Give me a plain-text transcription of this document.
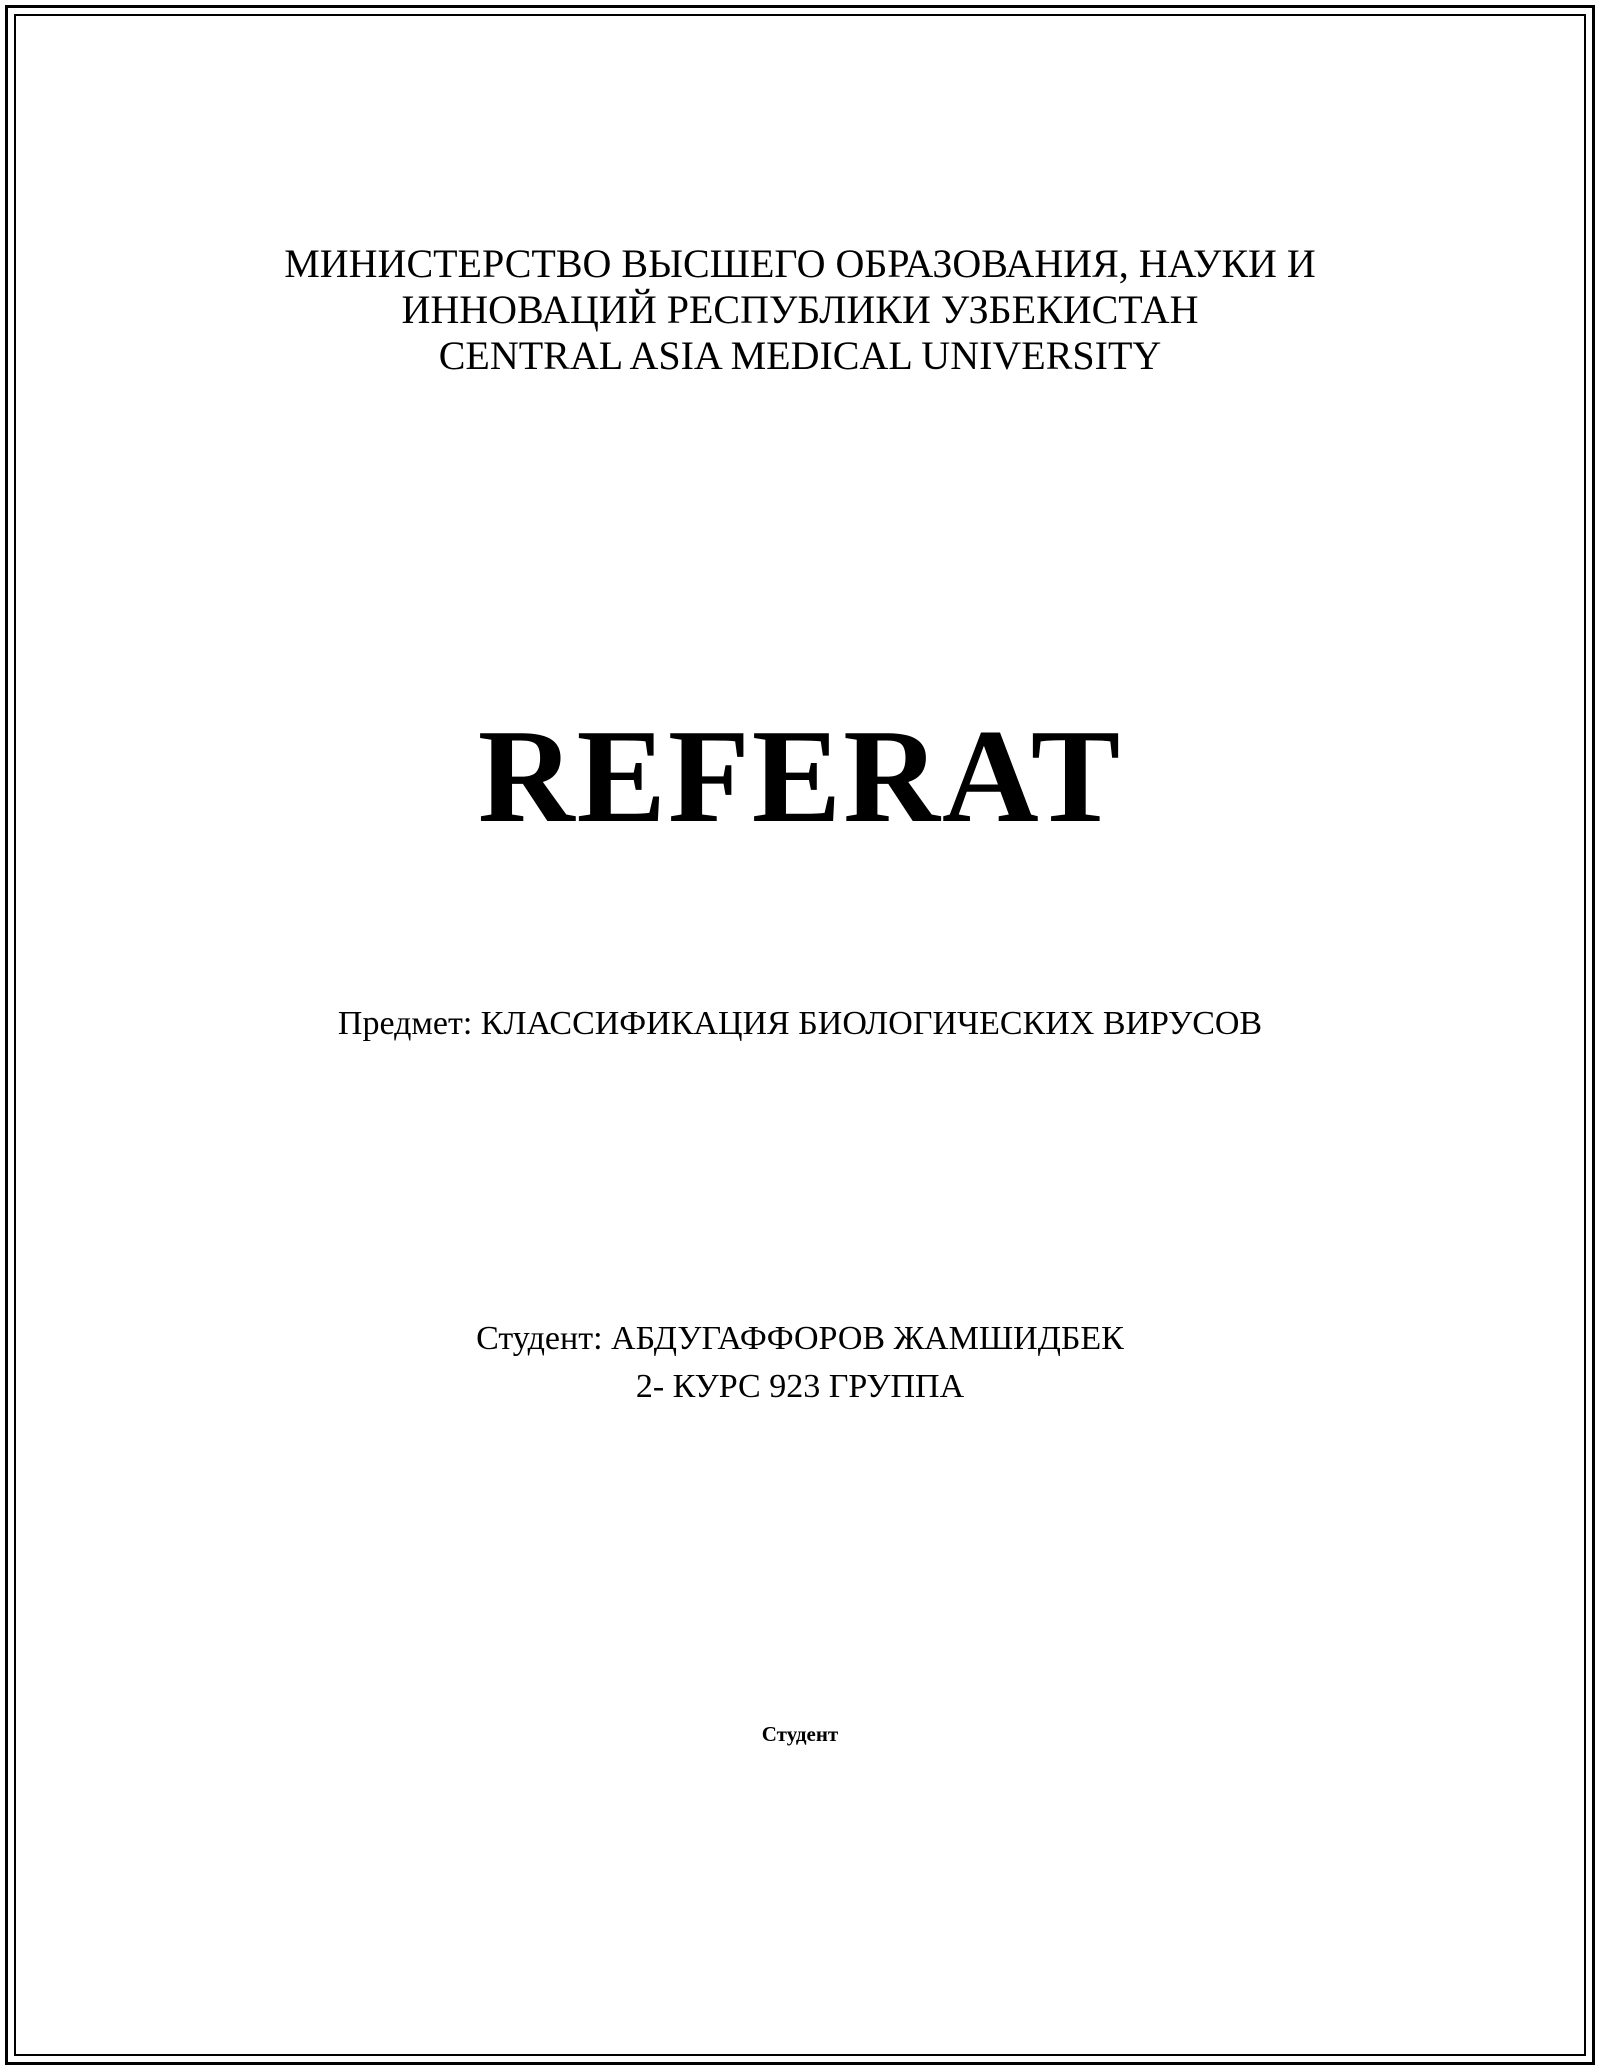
МИНИСТЕРСТВО ВЫСШЕГО ОБРАЗОВАНИЯ, НАУКИ И
ИННОВАЦИЙ РЕСПУБЛИКИ УЗБЕКИСТАН
CENTRAL ASIA MEDICAL UNIVERSITY
REFERAT
Предмет: КЛАССИФИКАЦИЯ БИОЛОГИЧЕСКИХ ВИРУСОВ
Студент: АБДУГАФФОРОВ ЖАМШИДБЕК
2- КУРС 923 ГРУППА
Студент
